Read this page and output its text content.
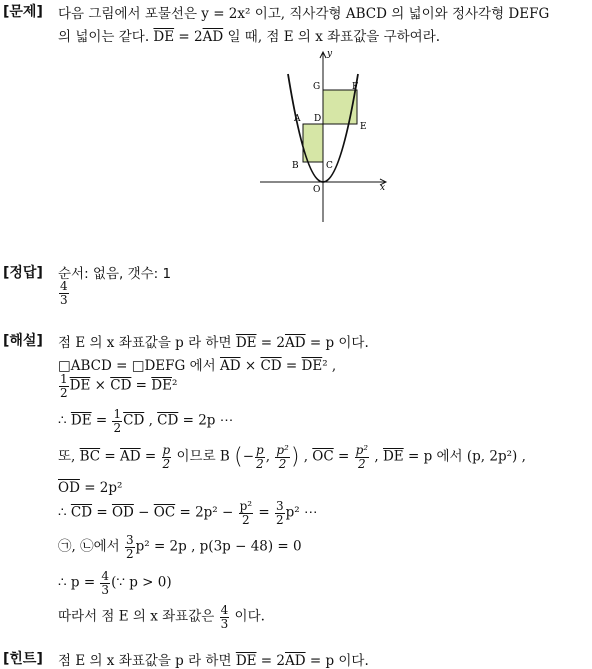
[문제] 다음 그림에서 포물선은 y = 2x² 이고, 직사각형 ABCD 의 넓이와 정사각형 DEFG
의 넓이는 같다. $\overline{DE} = 2\overline{AD}$ 일 때, 점 E 의 x 좌표값을 구하여라.
y
x
O
A
B	C
D
E
F
G
[정답] 순서: 없음, 갯수: 1
$\frac{4}{3}$
[해설] 점 E 의 x 좌표값을 p 라 하면 $\overline{DE} = 2\overline{AD} = p$ 이다.
□ABCD = □DEFG 에서 $\overline{AD} \times \overline{CD} = \overline{DE}^2$ ,
$\frac{1}{2} \overline{DE} \times \overline{CD} = \overline{DE}^2$
∴ $\overline{DE} = \frac{1}{2} \overline{CD}$ , $\overline{CD} = 2p$ ⋯
또, $\overline{BC} = \overline{AD} = \frac{p}{2}$ 이므로 B (− $\frac{p}{2}$ , $\frac{\text{p²}}{2}$ ) , $\overline{OC} = \frac{\text{p²}}{2}$ , $\overline{DE} = p$ 에서 (p, 2p²) ,
$\overline{OD} = 2p^2$
∴ $\overline{CD} = \overline{OD} - \overline{OC} = 2p^2 - \frac{\text{p²}}{2} = \frac{3}{2} p^2$ ⋯
㉠, ㉡에서 $\frac{3}{2} p^2 = 2p$ , p(3p − 48) = 0
∴ $p = \frac{4}{3}$ (∵ p > 0)
따라서 점 E 의 x 좌표값은 $\frac{4}{3}$ 이다.
[힌트] 점 E 의 x 좌표값을 p 라 하면 $\overline{DE} = 2\overline{AD} = p$ 이다.
